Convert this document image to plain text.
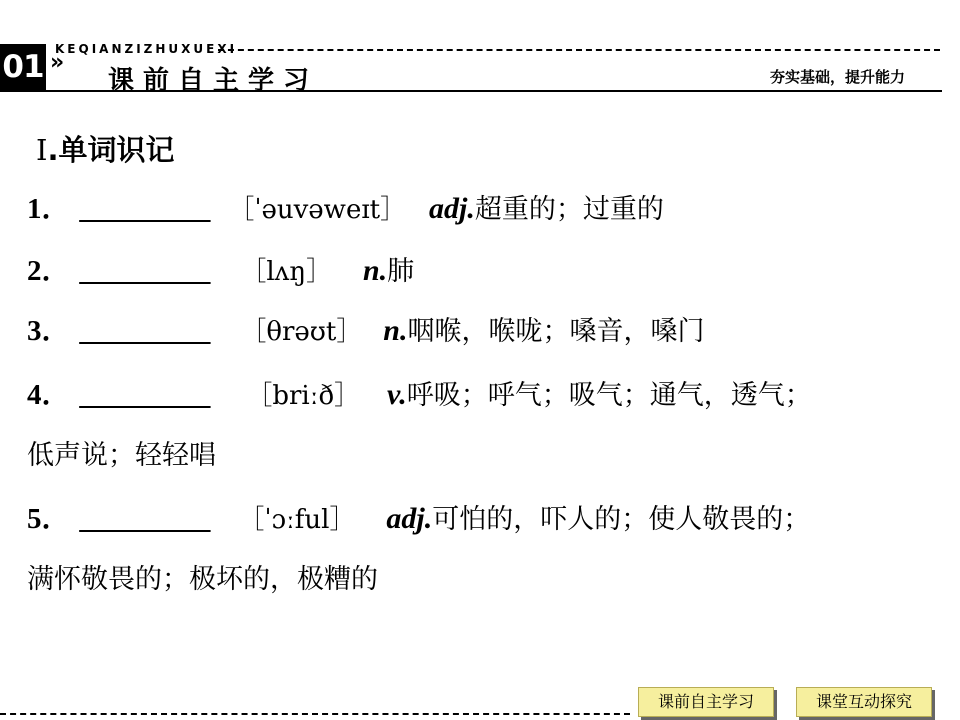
01 »
KEQIANZIZHUXUEXI
课前自主学习	夯实基础，提升能力
Ⅰ.单词识记
1． __________ ［ˈəuvəweɪt］ adj.超重的；过重的
2． __________ ［lʌŋ］ n.肺
3． __________ ［θrəʊt］ n.咽喉，喉咙；嗓音，嗓门
4． __________ ［briːð］ v.呼吸；呼气；吸气；通气，透气；
低声说；轻轻唱
5． __________ ［ˈɔːful］ adj.可怕的，吓人的；使人敬畏的；
满怀敬畏的；极坏的，极糟的
课前自主学习	课堂互动探究
